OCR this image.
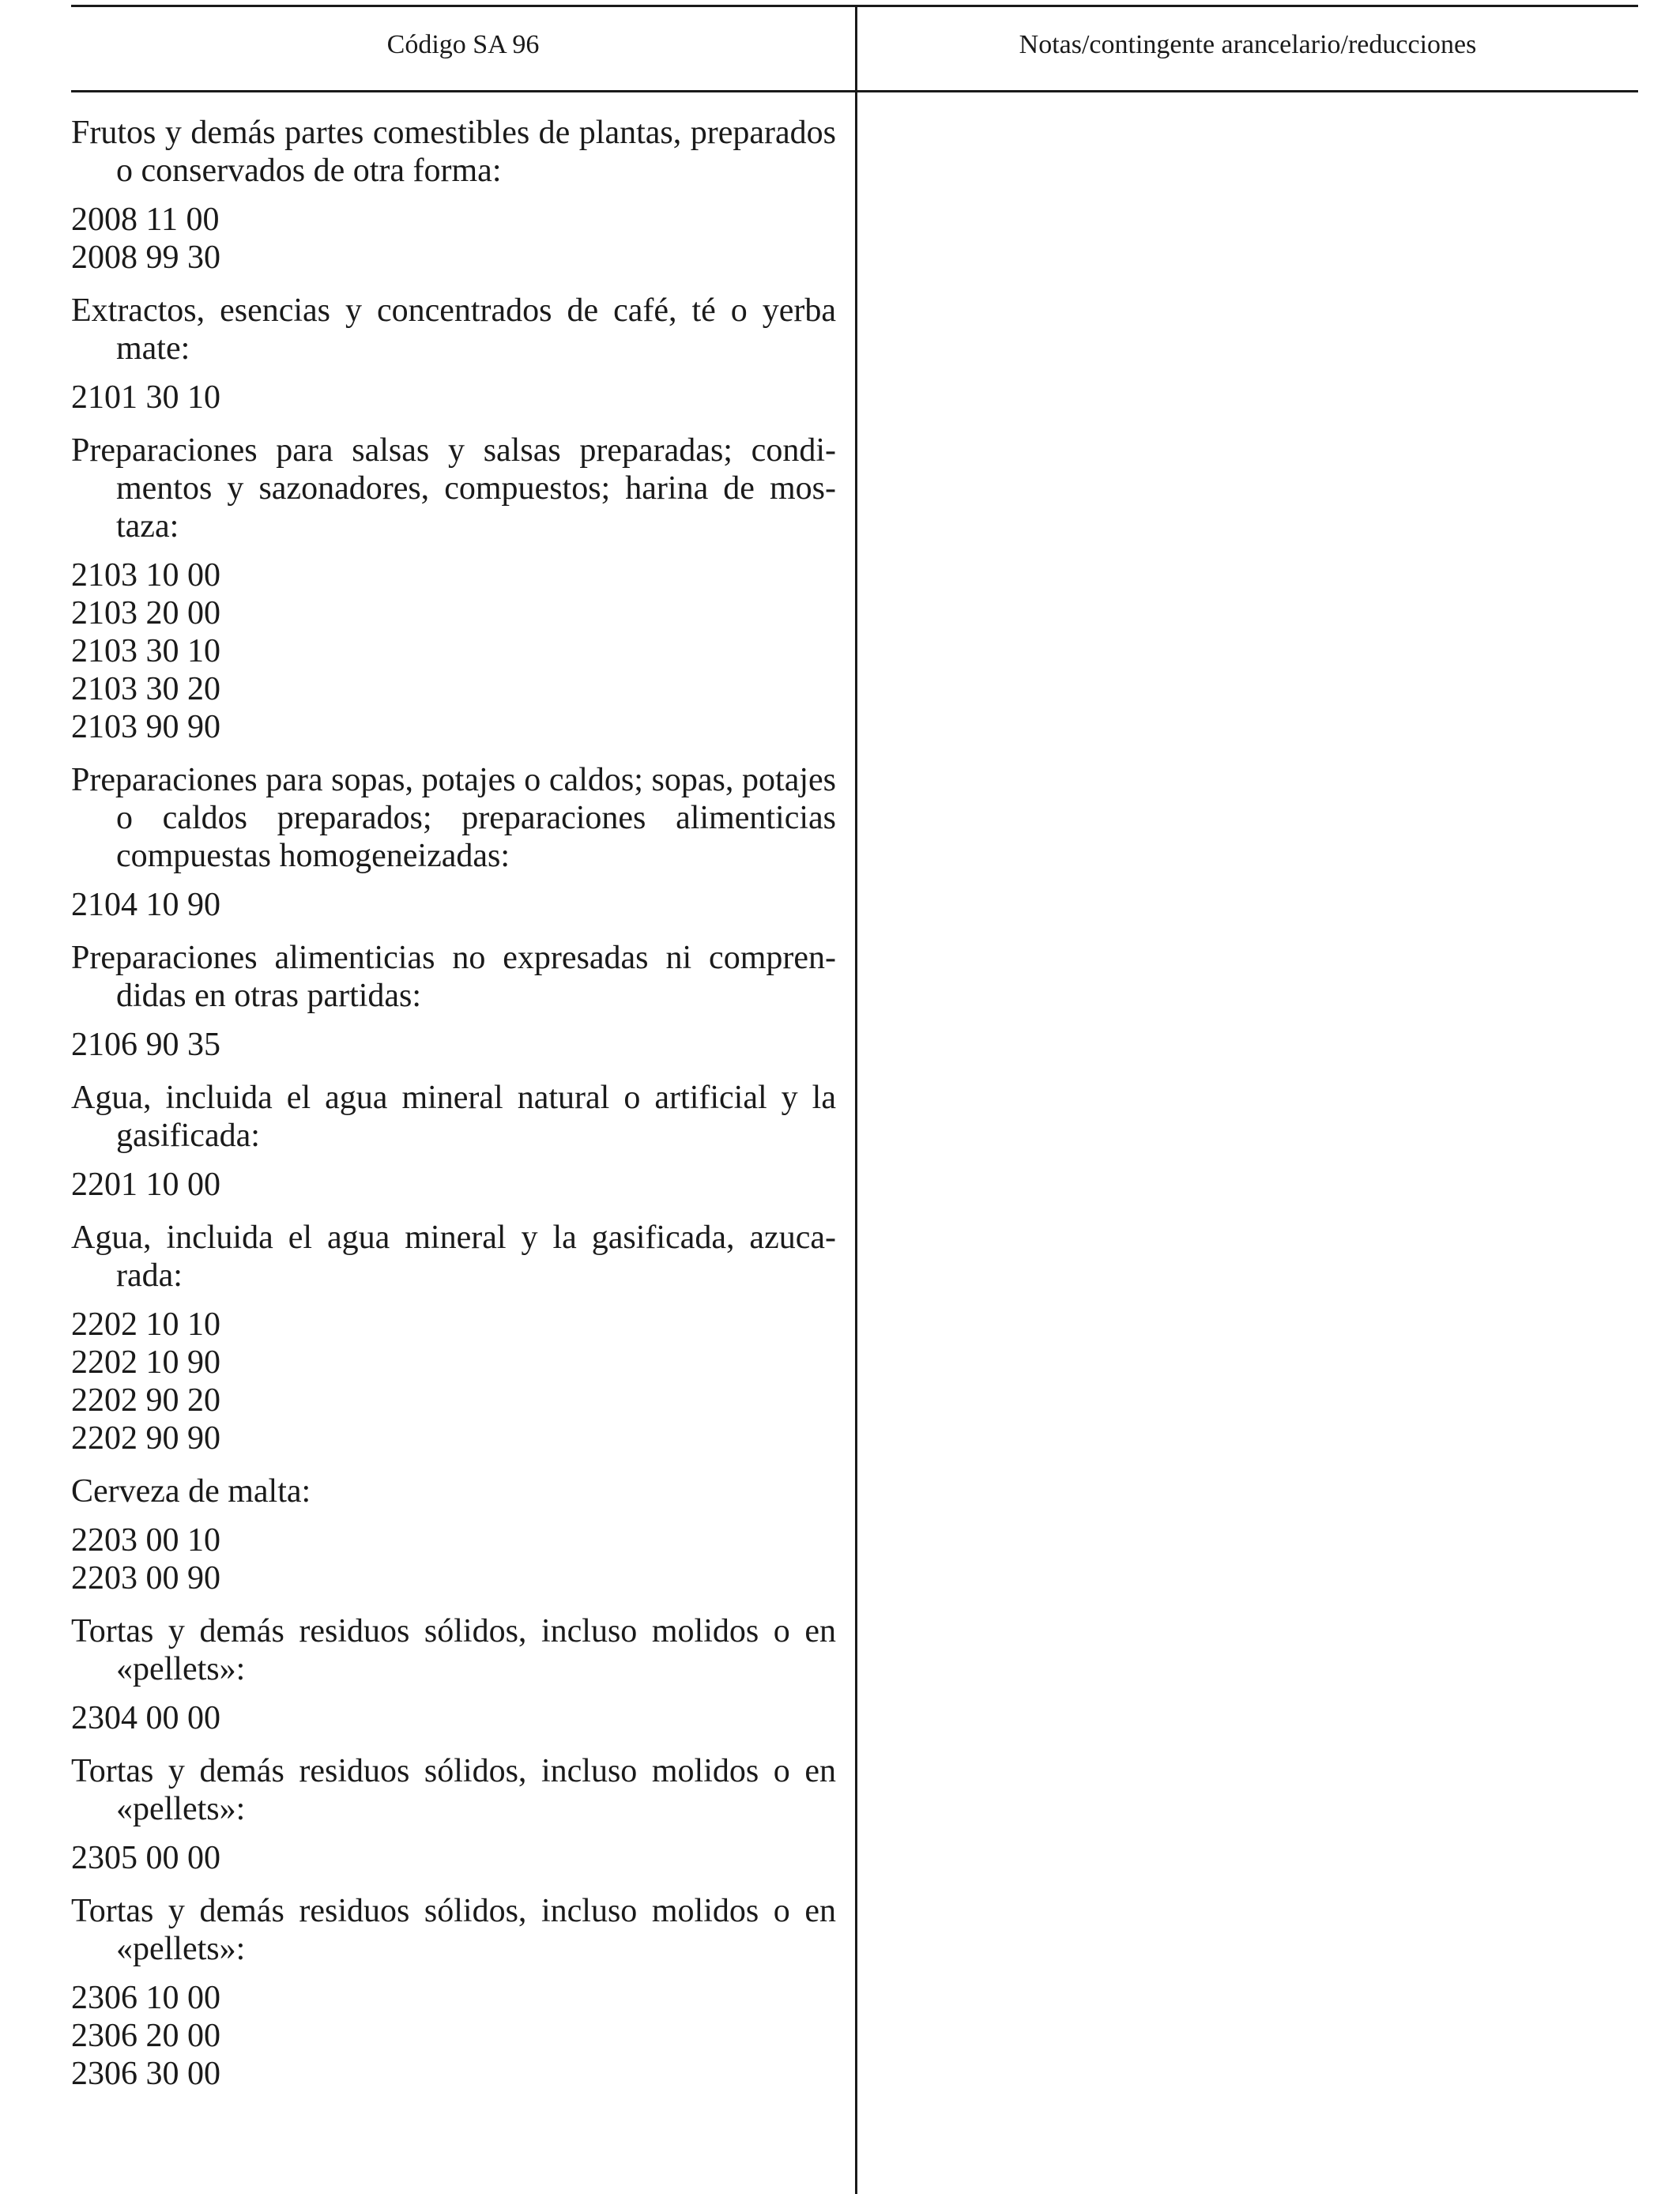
Código SA 96	Notas/contingente arancelario/reducciones
Frutos y demás partes comestibles de plantas, preparados o conservados de otra forma:
2008 11 00
2008 99 30
Extractos, esencias y concentrados de café, té o yerba mate:
2101 30 10
Preparaciones para salsas y salsas preparadas; condimentos y sazonadores, compuestos; harina de mostaza:
2103 10 00
2103 20 00
2103 30 10
2103 30 20
2103 90 90
Preparaciones para sopas, potajes o caldos; sopas, potajes o caldos preparados; preparaciones alimenticias compuestas homogeneizadas:
2104 10 90
Preparaciones alimenticias no expresadas ni comprendidas en otras partidas:
2106 90 35
Agua, incluida el agua mineral natural o artificial y la gasificada:
2201 10 00
Agua, incluida el agua mineral y la gasificada, azucarada:
2202 10 10
2202 10 90
2202 90 20
2202 90 90
Cerveza de malta:
2203 00 10
2203 00 90
Tortas y demás residuos sólidos, incluso molidos o en «pellets»:
2304 00 00
Tortas y demás residuos sólidos, incluso molidos o en «pellets»:
2305 00 00
Tortas y demás residuos sólidos, incluso molidos o en «pellets»:
2306 10 00
2306 20 00
2306 30 00
